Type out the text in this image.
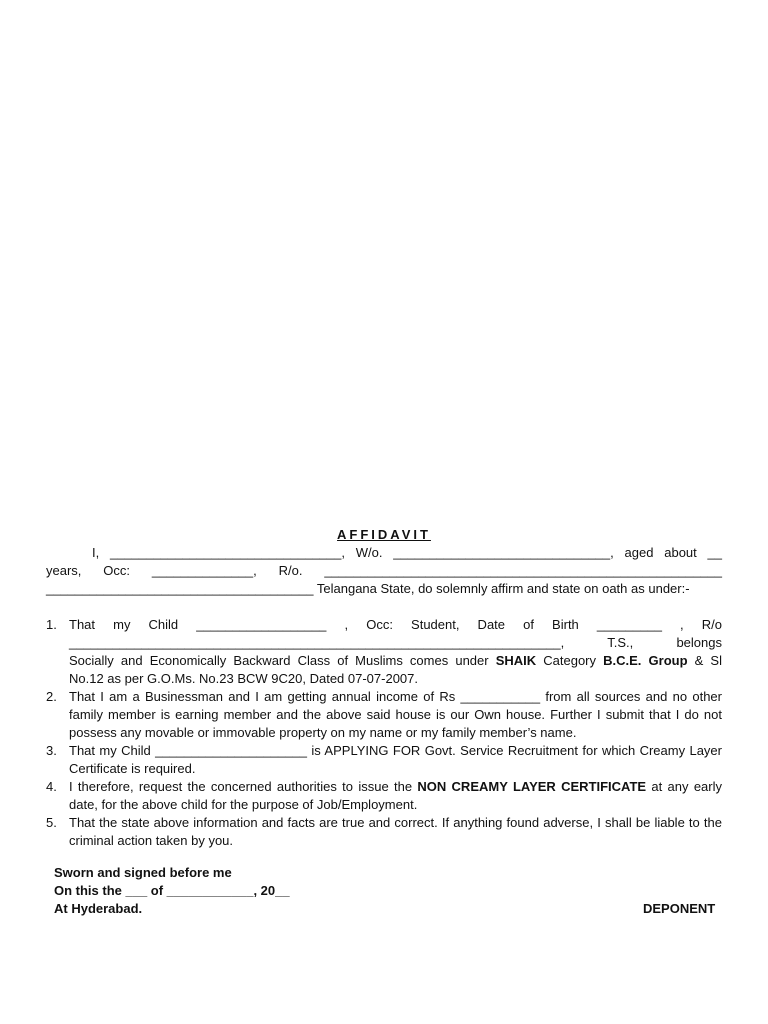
AFFIDAVIT
I, ________________________________, W/o. ______________________________, aged about __
years, Occ: ______________, R/o. _______________________________________________________
_____________________________________ Telangana State, do solemnly affirm and state on oath as under:-
1. That my Child __________________ , Occ: Student, Date of Birth _________ , R/o
____________________________________________________________________, T.S., belongs
Socially and Economically Backward Class of Muslims comes under SHAIK Category B.C.E. Group & Sl
No.12 as per G.O.Ms. No.23 BCW 9C20, Dated 07-07-2007.
2. That I am a Businessman and I am getting annual income of Rs ___________ from all sources and no other family member is earning member and the above said house is our Own house. Further I submit that I do not possess any movable or immovable property on my name or my family member’s name.
3. That my Child _____________________ is APPLYING FOR Govt. Service Recruitment for which Creamy Layer Certificate is required.
4. I therefore, request the concerned authorities to issue the NON CREAMY LAYER CERTIFICATE at any early date, for the above child for the purpose of Job/Employment.
5. That the state above information and facts are true and correct. If anything found adverse, I shall be liable to the criminal action taken by you.
Sworn and signed before me
On this the ___ of ____________, 20__
At Hyderabad.	DEPONENT
